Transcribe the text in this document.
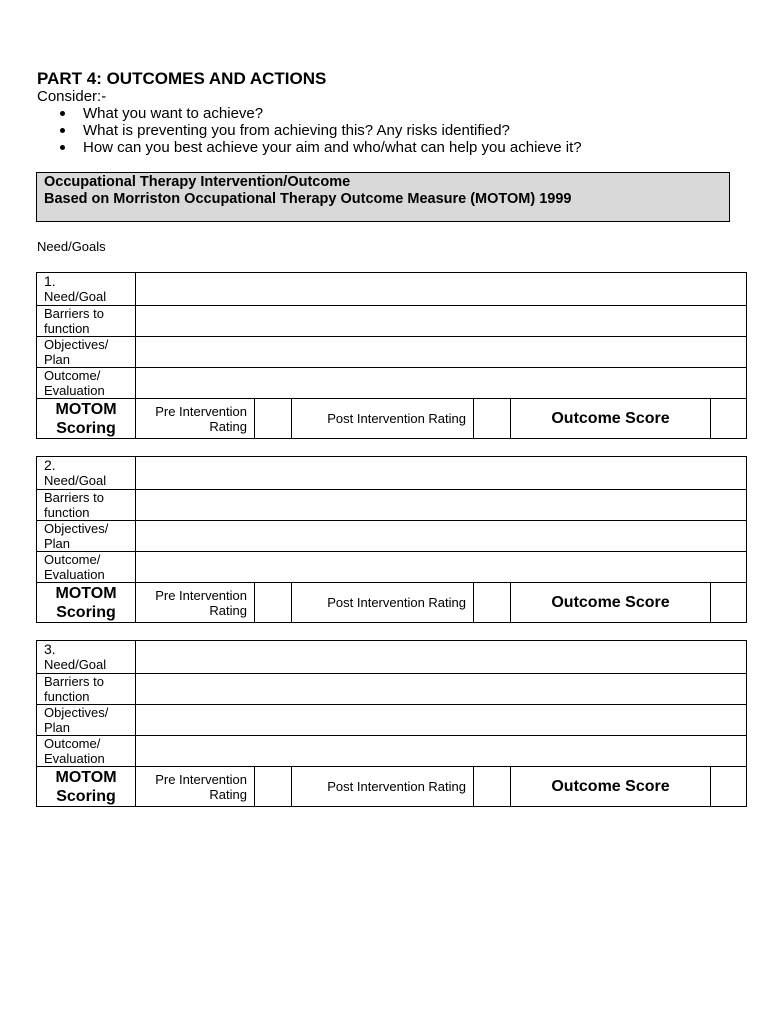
PART 4: OUTCOMES AND ACTIONS
Consider:-
What you want to achieve?
What is preventing you from achieving this? Any risks identified?
How can you best achieve your aim and who/what can help you achieve it?
Occupational Therapy Intervention/Outcome
Based on Morriston Occupational Therapy Outcome Measure (MOTOM) 1999
Need/Goals
1.
Need/Goal						
Barriers to function						
Objectives/ Plan						
Outcome/ Evaluation						
MOTOM Scoring	Pre Intervention Rating		Post Intervention Rating		Outcome Score	
2.
Need/Goal						
Barriers to function						
Objectives/ Plan						
Outcome/ Evaluation						
MOTOM Scoring	Pre Intervention Rating		Post Intervention Rating		Outcome Score	
3.
Need/Goal						
Barriers to function						
Objectives/ Plan						
Outcome/ Evaluation						
MOTOM Scoring	Pre Intervention Rating		Post Intervention Rating		Outcome Score	
